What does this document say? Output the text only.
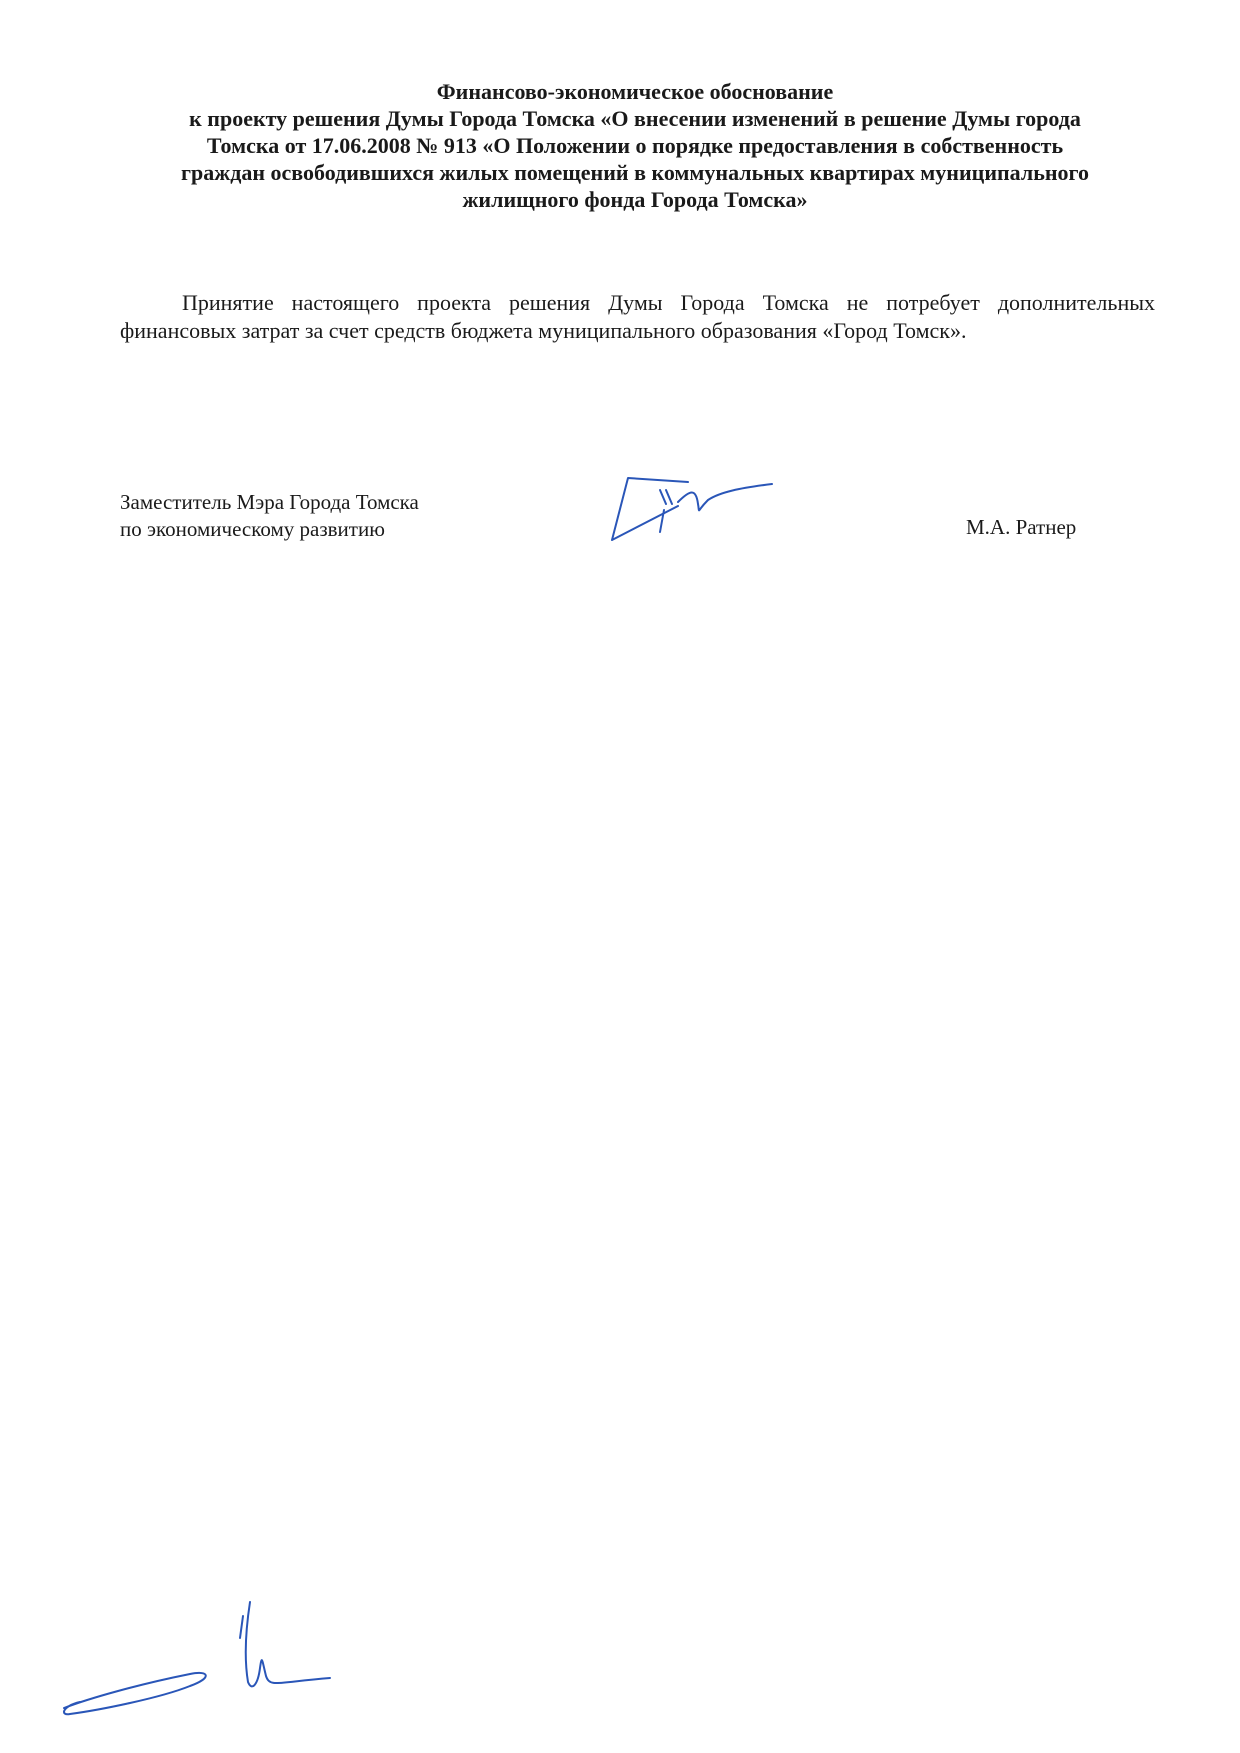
Финансово-экономическое обоснование
к проекту решения Думы Города Томска «О внесении изменений в решение Думы города
Томска от 17.06.2008 № 913 «О Положении о порядке предоставления в собственность
граждан освободившихся жилых помещений в коммунальных квартирах муниципального
жилищного фонда Города Томска»

Принятие настоящего проекта решения Думы Города Томска не потребует дополнительных финансовых затрат за счет средств бюджета муниципального образования «Город Томск».

Заместитель Мэра Города Томска
по экономическому развитию	М.А. Ратнер
